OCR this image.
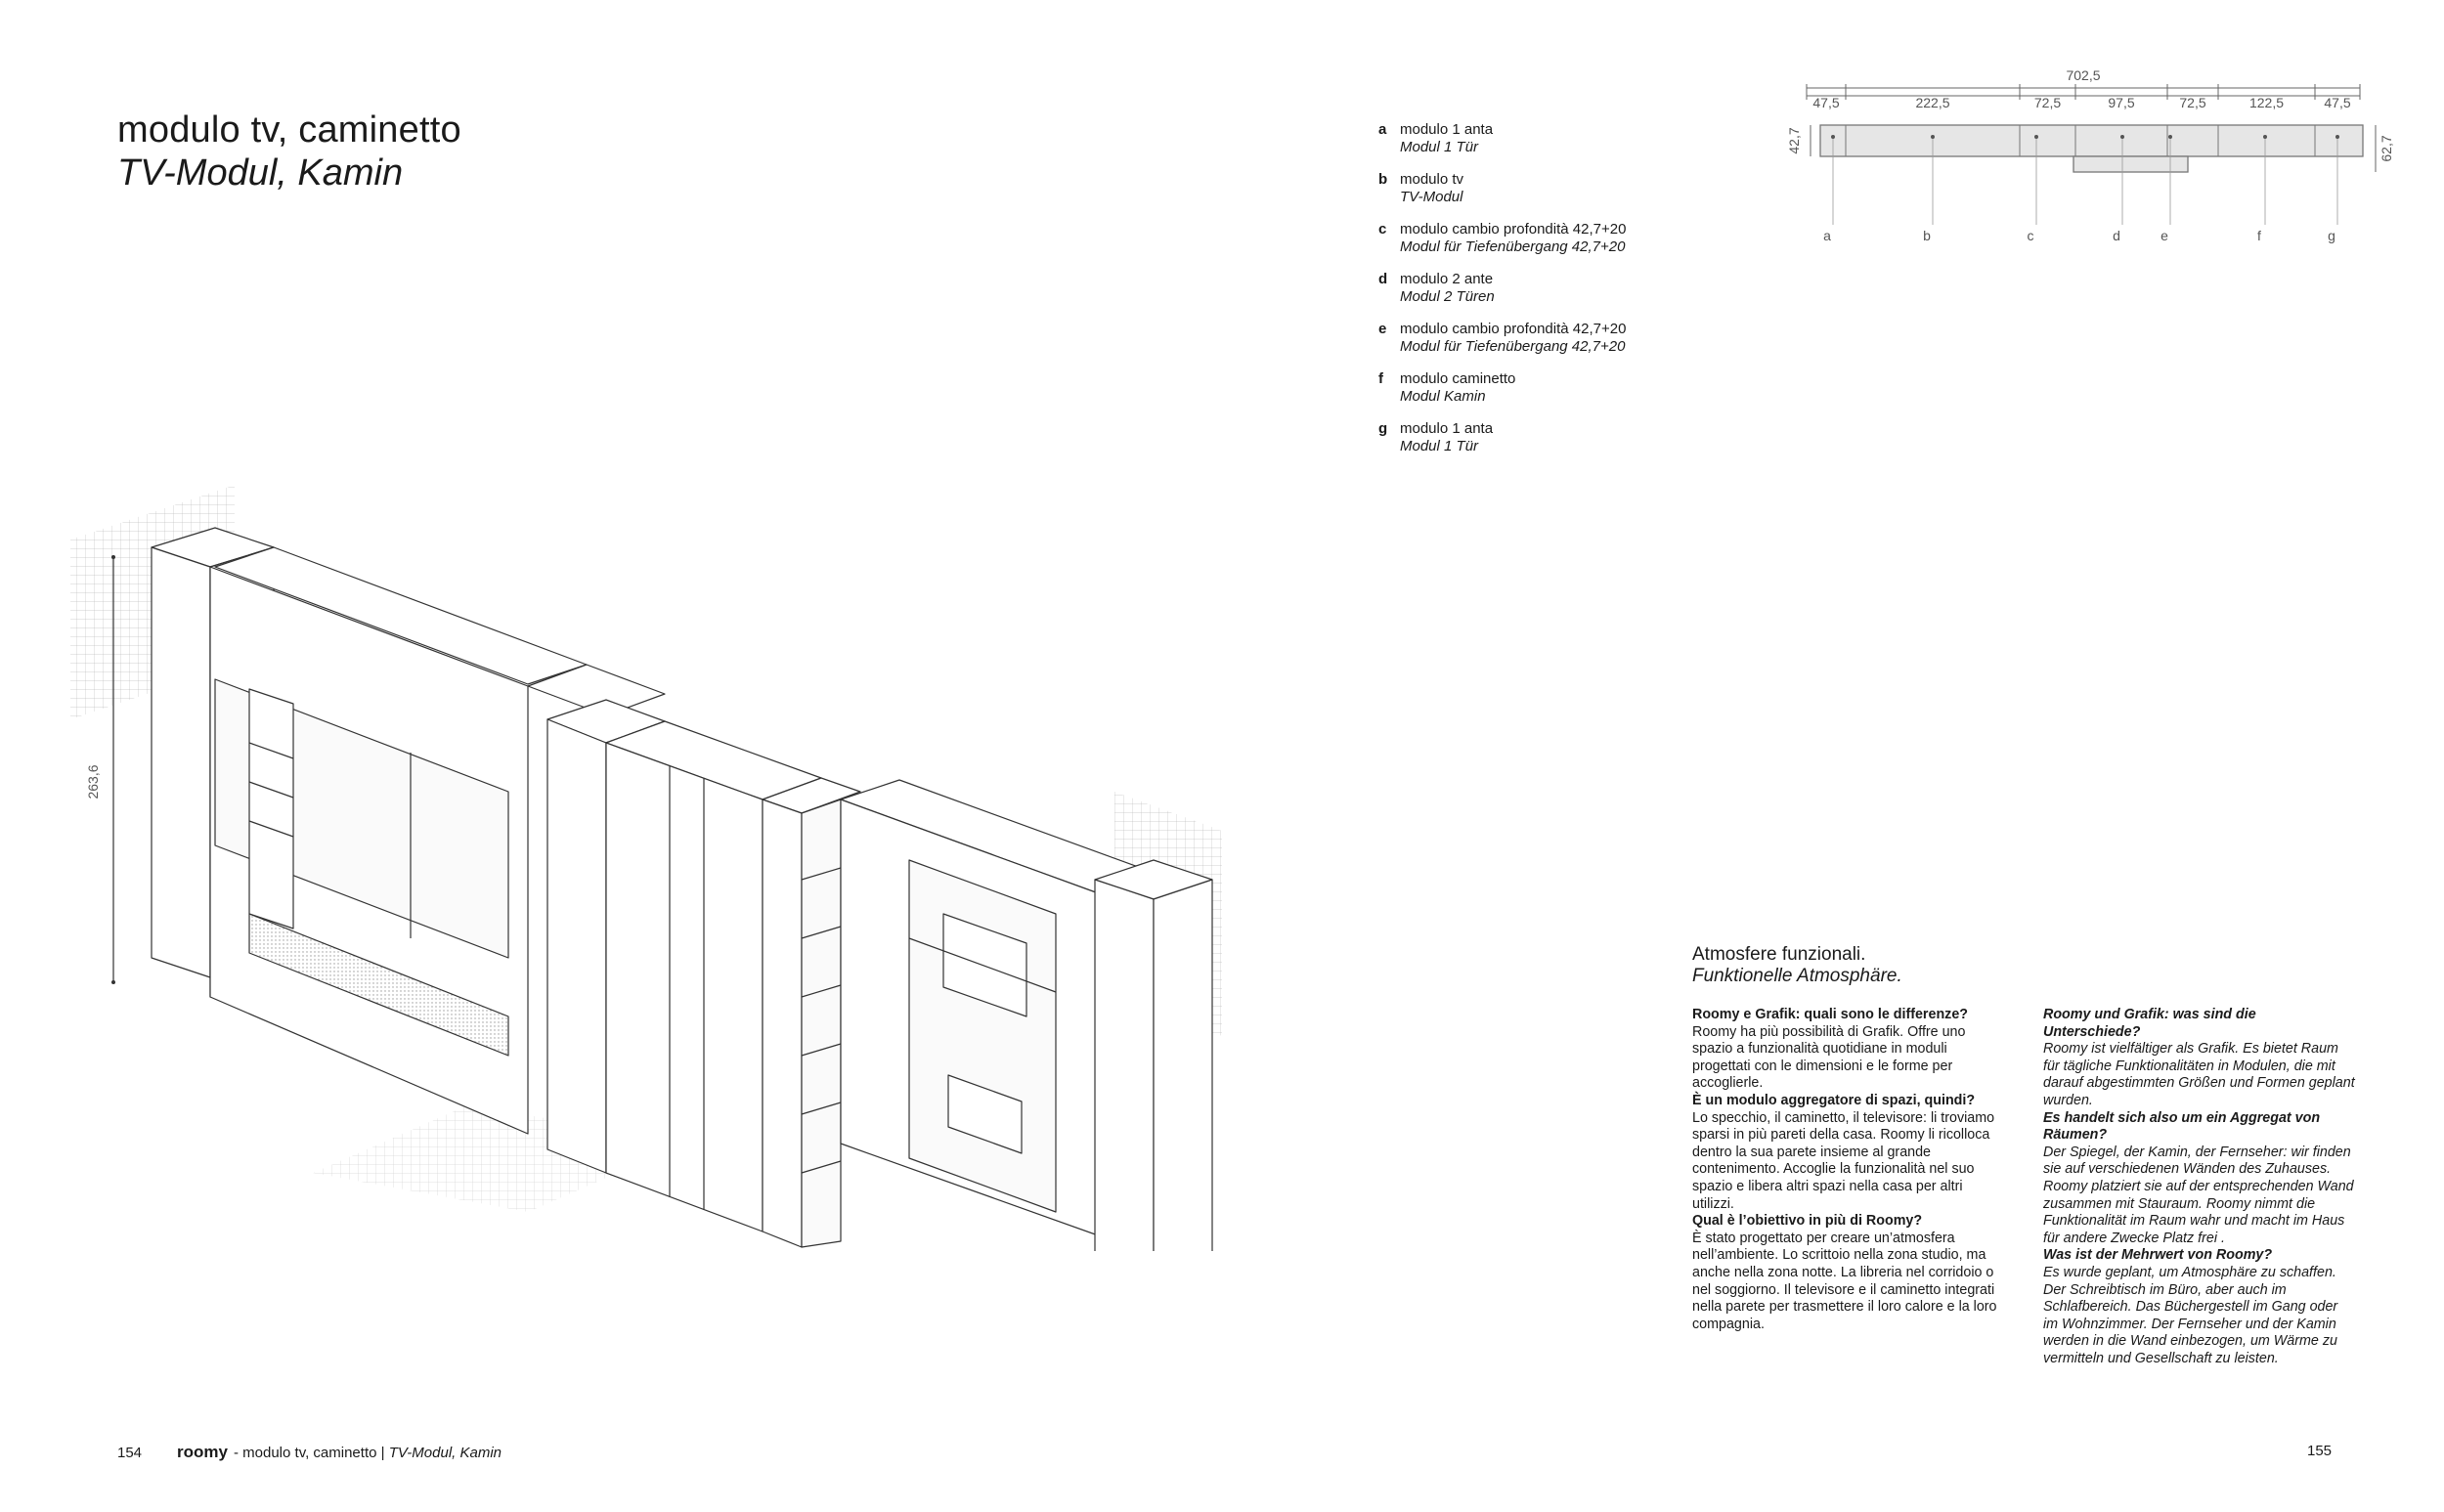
modulo tv, caminetto
TV-Modul, Kamin
a modulo 1 anta
Modul 1 Tür
b modulo tv
TV-Modul
c modulo cambio profondità 42,7+20
Modul für Tiefenübergang 42,7+20
d modulo 2 ante
Modul 2 Türen
e modulo cambio profondità 42,7+20
Modul für Tiefenübergang 42,7+20
f	modulo caminetto
Modul Kamin
g modulo 1 anta
Modul 1 Tür
702,5
47,5	222,5	72,5	97,5	72,5	122,5	47,5
42,7	62,7
a	b	c	d	e	f	g
263,6
Atmosfere funzionali.
Funktionelle Atmosphäre.

Roomy e Grafik: quali sono le differenze?

Roomy ha più possibilità di Grafik. Offre uno spazio a funzionalità quotidiane in moduli progettati con le dimensioni e le forme per accoglierle.

È un modulo aggregatore di spazi, quindi?

Lo specchio, il caminetto, il televisore: li troviamo sparsi in più pareti della casa. Roomy li ricolloca dentro la sua parete insieme al grande contenimento. Accoglie la funzionalità nel suo spazio e libera altri spazi nella casa per altri utilizzi.

Qual è l’obiettivo in più di Roomy?

È stato progettato per creare un’atmosfera nell’ambiente. Lo scrittoio nella zona studio, ma anche nella zona notte. La libreria nel corridoio o nel soggiorno. Il televisore e il caminetto integrati nella parete per trasmettere il loro calore e la loro compagnia.

Roomy und Grafik: was sind die Unterschiede?

Roomy ist vielfältiger als Grafik. Es bietet Raum für tägliche Funktionalitäten in Modulen, die mit darauf abgestimmten Größen und Formen geplant wurden.

Es handelt sich also um ein Aggregat von Räumen?

Der Spiegel, der Kamin, der Fernseher: wir finden sie auf verschiedenen Wänden des Zuhauses. Roomy platziert sie auf der entsprechenden Wand zusammen mit Stauraum. Roomy nimmt die Funktionalität im Raum wahr und macht im Haus für andere Zwecke Platz frei .

Was ist der Mehrwert von Roomy?

Es wurde geplant, um Atmosphäre zu schaffen. Der Schreibtisch im Büro, aber auch im Schlafbereich. Das Büchergestell im Gang oder im Wohnzimmer. Der Fernseher und der Kamin werden in die Wand einbezogen, um Wärme zu vermitteln und Gesellschaft zu leisten.

154 roomy - modulo tv, caminetto |
TV-Modul, Kamin	155
